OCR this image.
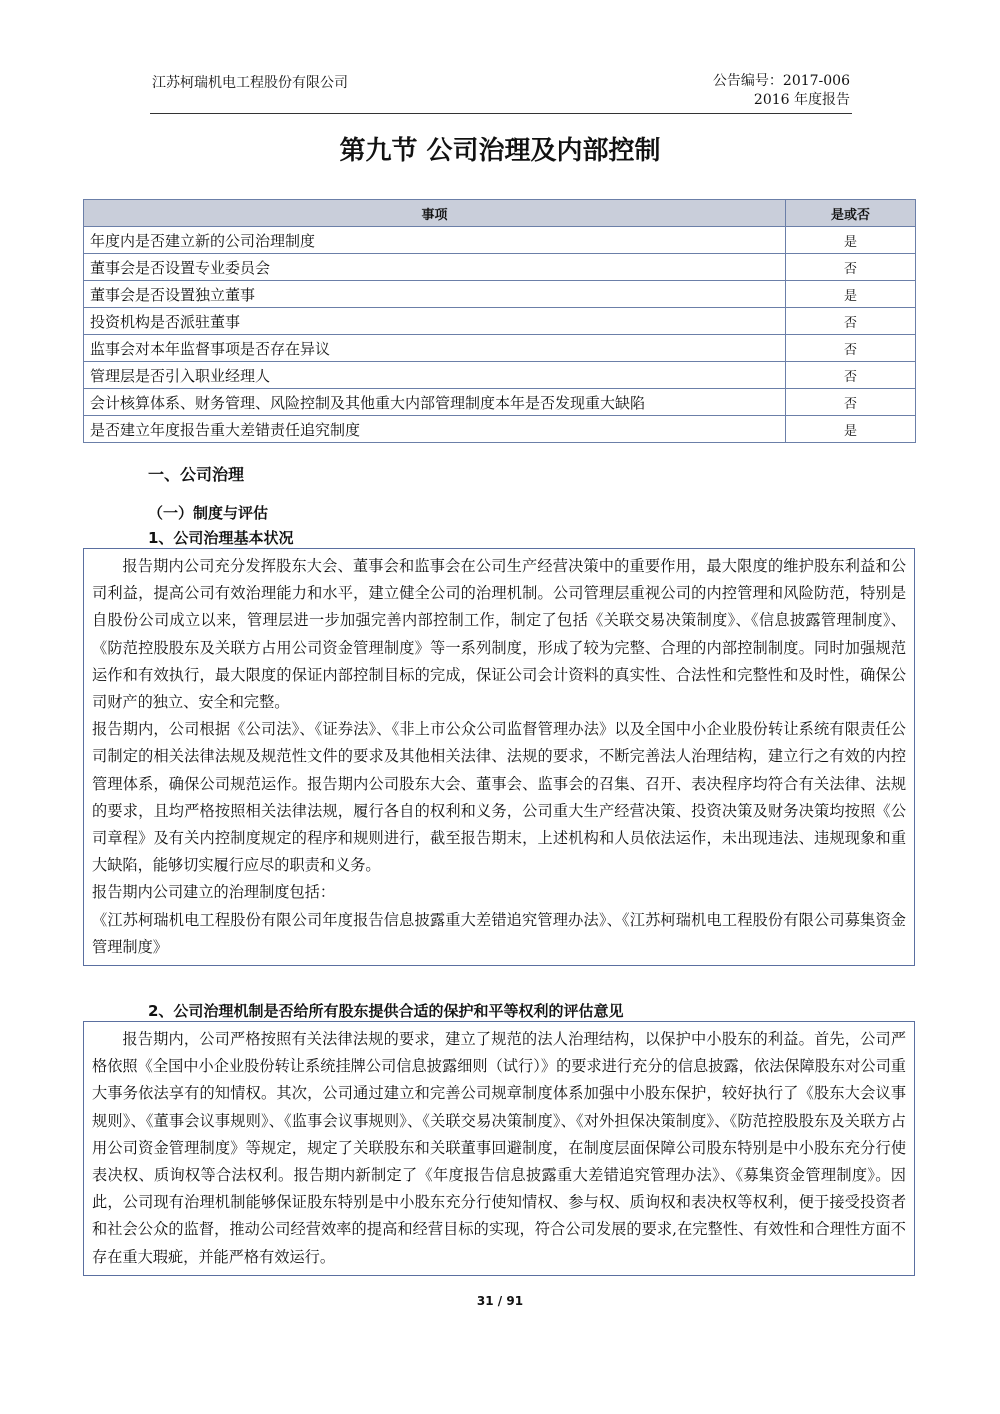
江苏柯瑞机电工程股份有限公司	公告编号：2017-006
2016 年度报告
第九节 公司治理及内部控制
事项	是或否
年度内是否建立新的公司治理制度	是
董事会是否设置专业委员会	否
董事会是否设置独立董事	是
投资机构是否派驻董事	否
监事会对本年监督事项是否存在异议	否
管理层是否引入职业经理人	否
会计核算体系、财务管理、风险控制及其他重大内部管理制度本年是否发现重大缺陷	否
是否建立年度报告重大差错责任追究制度	是
一、公司治理
（一）制度与评估
1、公司治理基本状况

报告期内公司充分发挥股东大会、董事会和监事会在公司生产经营决策中的重要作用，最大限度的维护股东利益和公司利益，提高公司有效治理能力和水平，建立健全公司的治理机制。公司管理层重视公司的内控管理和风险防范，特别是自股份公司成立以来，管理层进一步加强完善内部控制工作，制定了包括《关联交易决策制度》、《信息披露管理制度》、《防范控股股东及关联方占用公司资金管理制度》等一系列制度，形成了较为完整、合理的内部控制制度。同时加强规范运作和有效执行，最大限度的保证内部控制目标的完成，保证公司会计资料的真实性、合法性和完整性和及时性，确保公司财产的独立、安全和完整。

报告期内，公司根据《公司法》、《证券法》、《非上市公众公司监督管理办法》以及全国中小企业股份转让系统有限责任公司制定的相关法律法规及规范性文件的要求及其他相关法律、法规的要求，不断完善法人治理结构，建立行之有效的内控管理体系，确保公司规范运作。报告期内公司股东大会、董事会、监事会的召集、召开、表决程序均符合有关法律、法规的要求，且均严格按照相关法律法规，履行各自的权利和义务，公司重大生产经营决策、投资决策及财务决策均按照《公司章程》及有关内控制度规定的程序和规则进行，截至报告期末，上述机构和人员依法运作，未出现违法、违规现象和重大缺陷，能够切实履行应尽的职责和义务。

报告期内公司建立的治理制度包括：

《江苏柯瑞机电工程股份有限公司年度报告信息披露重大差错追究管理办法》、《江苏柯瑞机电工程股份有限公司募集资金管理制度》

2、公司治理机制是否给所有股东提供合适的保护和平等权利的评估意见

报告期内，公司严格按照有关法律法规的要求，建立了规范的法人治理结构，以保护中小股东的利益。首先，公司严格依照《全国中小企业股份转让系统挂牌公司信息披露细则（试行）》的要求进行充分的信息披露，依法保障股东对公司重大事务依法享有的知情权。其次，公司通过建立和完善公司规章制度体系加强中小股东保护，较好执行了《股东大会议事规则》、《董事会议事规则》、《监事会议事规则》、《关联交易决策制度》、《对外担保决策制度》、《防范控股股东及关联方占用公司资金管理制度》等规定，规定了关联股东和关联董事回避制度，在制度层面保障公司股东特别是中小股东充分行使表决权、质询权等合法权利。报告期内新制定了《年度报告信息披露重大差错追究管理办法》、《募集资金管理制度》。因此，公司现有治理机制能够保证股东特别是中小股东充分行使知情权、参与权、质询权和表决权等权利，便于接受投资者和社会公众的监督，推动公司经营效率的提高和经营目标的实现，符合公司发展的要求,在完整性、有效性和合理性方面不存在重大瑕疵，并能严格有效运行。

31 / 91
